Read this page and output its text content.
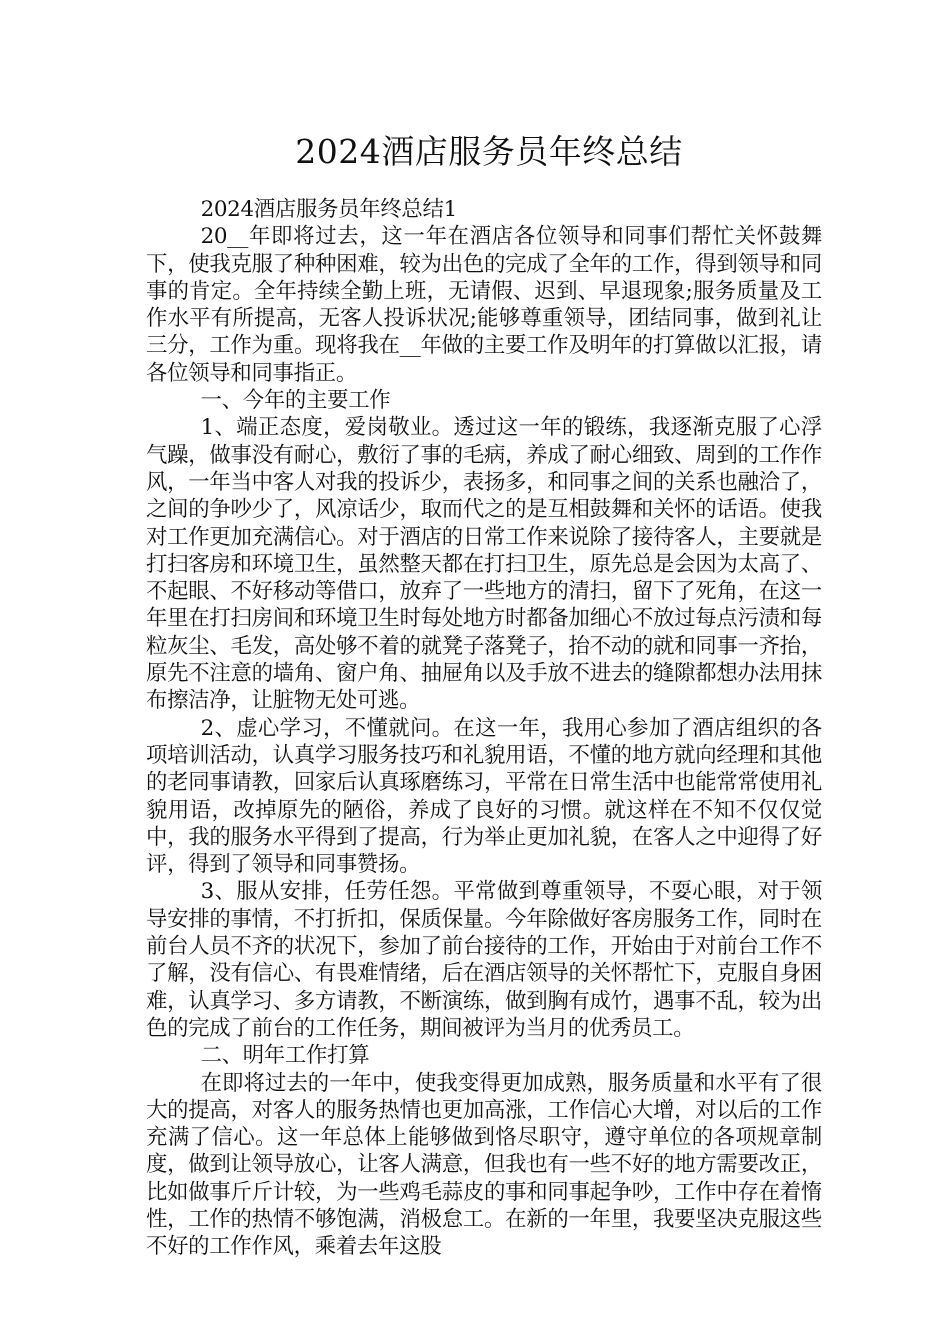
2024酒店服务员年终总结

2024酒店服务员年终总结1

20__年即将过去，这一年在酒店各位领导和同事们帮忙关怀鼓舞下，使我克服了种种困难，较为出色的完成了全年的工作，得到领导和同事的肯定。全年持续全勤上班，无请假、迟到、早退现象;服务质量及工作水平有所提高，无客人投诉状况;能够尊重领导，团结同事，做到礼让三分，工作为重。现将我在__年做的主要工作及明年的打算做以汇报，请各位领导和同事指正。

一、今年的主要工作

1、端正态度，爱岗敬业。透过这一年的锻练，我逐渐克服了心浮气躁，做事没有耐心，敷衍了事的毛病，养成了耐心细致、周到的工作作风，一年当中客人对我的投诉少，表扬多，和同事之间的关系也融洽了，之间的争吵少了，风凉话少，取而代之的是互相鼓舞和关怀的话语。使我对工作更加充满信心。对于酒店的日常工作来说除了接待客人，主要就是打扫客房和环境卫生，虽然整天都在打扫卫生，原先总是会因为太高了、不起眼、不好移动等借口，放弃了一些地方的清扫，留下了死角，在这一年里在打扫房间和环境卫生时每处地方时都备加细心不放过每点污渍和每粒灰尘、毛发，高处够不着的就凳子落凳子，抬不动的就和同事一齐抬，原先不注意的墙角、窗户角、抽屉角以及手放不进去的缝隙都想办法用抹布擦洁净，让脏物无处可逃。

2、虚心学习，不懂就问。在这一年，我用心参加了酒店组织的各项培训活动，认真学习服务技巧和礼貌用语，不懂的地方就向经理和其他的老同事请教，回家后认真琢磨练习，平常在日常生活中也能常常使用礼貌用语，改掉原先的陋俗，养成了良好的习惯。就这样在不知不仅仅觉中，我的服务水平得到了提高，行为举止更加礼貌，在客人之中迎得了好评，得到了领导和同事赞扬。

3、服从安排，任劳任怨。平常做到尊重领导，不耍心眼，对于领导安排的事情，不打折扣，保质保量。今年除做好客房服务工作，同时在前台人员不齐的状况下，参加了前台接待的工作，开始由于对前台工作不了解，没有信心、有畏难情绪，后在酒店领导的关怀帮忙下，克服自身困难，认真学习、多方请教，不断演练，做到胸有成竹，遇事不乱，较为出色的完成了前台的工作任务，期间被评为当月的优秀员工。

二、明年工作打算

在即将过去的一年中，使我变得更加成熟，服务质量和水平有了很大的提高，对客人的服务热情也更加高涨，工作信心大增，对以后的工作充满了信心。这一年总体上能够做到恪尽职守，遵守单位的各项规章制度，做到让领导放心，让客人满意，但我也有一些不好的地方需要改正，比如做事斤斤计较，为一些鸡毛蒜皮的事和同事起争吵，工作中存在着惰性，工作的热情不够饱满，消极怠工。在新的一年里，我要坚决克服这些不好的工作作风，乘着去年这股
